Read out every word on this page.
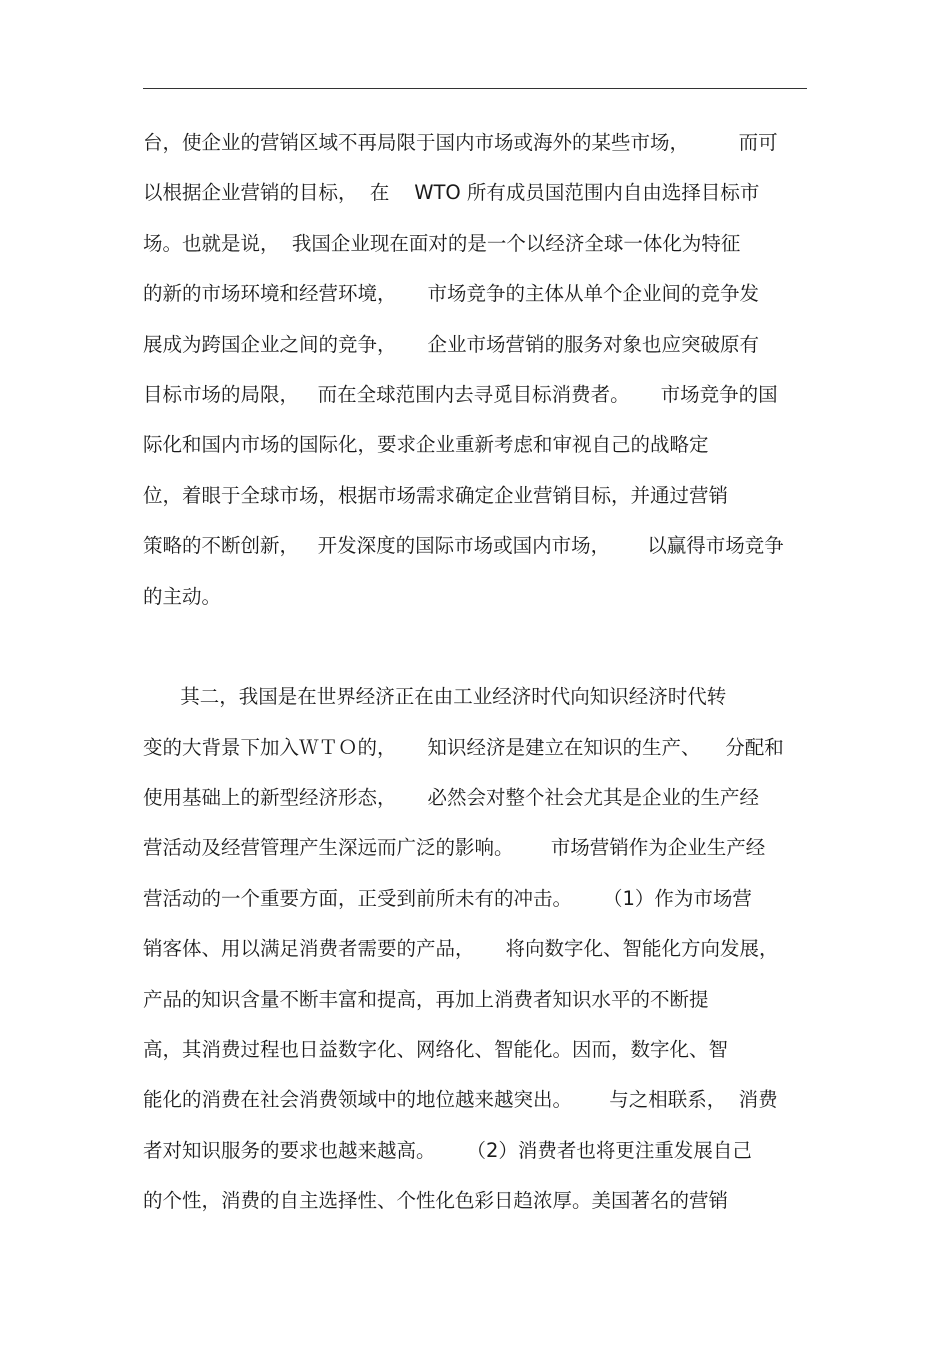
台，使企业的营销区域不再局限于国内市场或海外的某些市场，        而可
以根据企业营销的目标，  在    WTO 所有成员国范围内自由选择目标市
场。也就是说，  我国企业现在面对的是一个以经济全球一体化为特征
的新的市场环境和经营环境，     市场竞争的主体从单个企业间的竞争发
展成为跨国企业之间的竞争，     企业市场营销的服务对象也应突破原有
目标市场的局限，   而在全球范围内去寻觅目标消费者。     市场竞争的国
际化和国内市场的国际化，要求企业重新考虑和审视自己的战略定
位，着眼于全球市场，根据市场需求确定企业营销目标，并通过营销
策略的不断创新，   开发深度的国际市场或国内市场，      以赢得市场竞争
的主动。
其二，我国是在世界经济正在由工业经济时代向知识经济时代转
变的大背景下加入ＷＴＯ的，     知识经济是建立在知识的生产、    分配和
使用基础上的新型经济形态，     必然会对整个社会尤其是企业的生产经
营活动及经营管理产生深远而广泛的影响。      市场营销作为企业生产经
营活动的一个重要方面，正受到前所未有的冲击。     （1）作为市场营
销客体、用以满足消费者需要的产品，     将向数字化、智能化方向发展，
产品的知识含量不断丰富和提高，再加上消费者知识水平的不断提
高，其消费过程也日益数字化、网络化、智能化。因而，数字化、智
能化的消费在社会消费领域中的地位越来越突出。      与之相联系，  消费
者对知识服务的要求也越来越高。     （2）消费者也将更注重发展自己
的个性，消费的自主选择性、个性化色彩日趋浓厚。美国著名的营销
